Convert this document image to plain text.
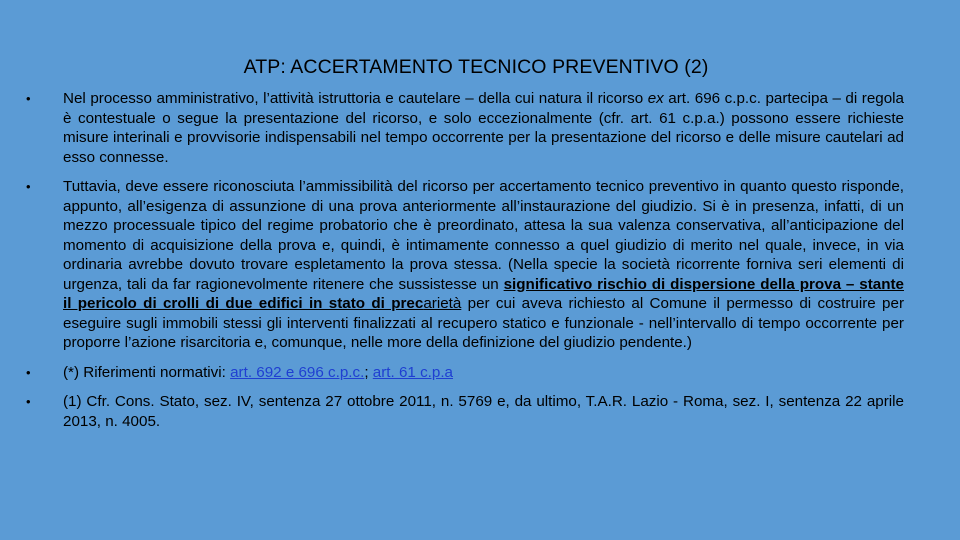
ATP: ACCERTAMENTO TECNICO PREVENTIVO (2)
• Nel processo amministrativo, l’attività istruttoria e cautelare – della cui natura il ricorso ex art. 696 c.p.c. partecipa – di regola è contestuale o segue la presentazione del ricorso, e solo eccezionalmente (cfr. art. 61 c.p.a.) possono essere richieste misure interinali e provvisorie indispensabili nel tempo occorrente per la presentazione del ricorso e delle misure cautelari ad esso connesse.
• Tuttavia, deve essere riconosciuta l’ammissibilità del ricorso per accertamento tecnico preventivo in quanto questo risponde, appunto, all’esigenza di assunzione di una prova anteriormente all’instaurazione del giudizio. Si è in presenza, infatti, di un mezzo processuale tipico del regime probatorio che è preordinato, attesa la sua valenza conservativa, all’anticipazione del momento di acquisizione della prova e, quindi, è intimamente connesso a quel giudizio di merito nel quale, invece, in via ordinaria avrebbe dovuto trovare espletamento la prova stessa. (Nella specie la società ricorrente forniva seri elementi di urgenza, tali da far ragionevolmente ritenere che sussistesse un significativo rischio di dispersione della prova – stante il pericolo di crolli di due edifici in stato di precarietà per cui aveva richiesto al Comune il permesso di costruire per eseguire sugli immobili stessi gli interventi finalizzati al recupero statico e funzionale - nell’intervallo di tempo occorrente per proporre l’azione risarcitoria e, comunque, nelle more della definizione del giudizio pendente.)
• (*) Riferimenti normativi: art. 692 e 696 c.p.c.; art. 61 c.p.a
• (1) Cfr. Cons. Stato, sez. IV, sentenza 27 ottobre 2011, n. 5769 e, da ultimo, T.A.R. Lazio - Roma, sez. I, sentenza 22 aprile 2013, n. 4005.
